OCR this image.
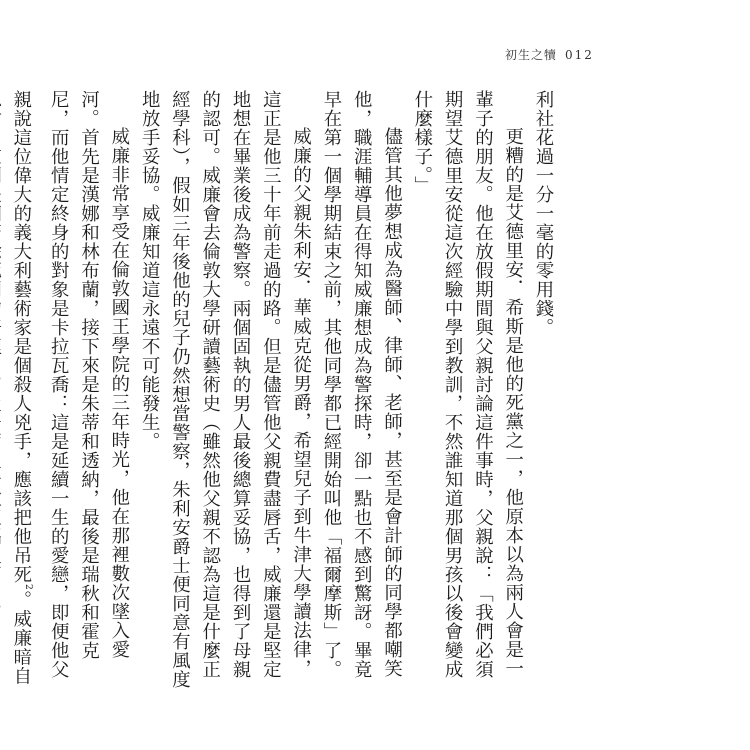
初生之犢 012

利社花過一分一毫的零用錢。

更糟的是艾德里安．希斯是他的死黨之一，他原本以為兩人會是一輩子的朋友。他在放假期間與父親討論這件事時，父親說：「我們必須期望艾德里安從這次經驗中學到教訓，不然誰知道那個男孩以後會變成什麼樣子。」

儘管其他夢想成為醫師、律師、老師，甚至是會計師的同學都嘲笑他，職涯輔導員在得知威廉想成為警探時，卻一點也不感到驚訝。畢竟早在第一個學期結束之前，其他同學都已經開始叫他「福爾摩斯」了。

威廉的父親朱利安．華威克從男爵，希望兒子到牛津大學讀法律，這正是他三十年前走過的路。但是儘管他父親費盡唇舌，威廉還是堅定地想在畢業後成為警察。兩個固執的男人最後總算妥協，也得到了母親的認可。威廉會去倫敦大學研讀藝術史（雖然他父親不認為這是什麼正經學科），假如三年後他的兒子仍然想當警察，朱利安爵士便同意有風度地放手妥協。威廉知道這永遠不可能發生。

威廉非常享受在倫敦國王學院的三年時光，他在那裡數次墜入愛河。首先是漢娜和林布蘭，接下來是朱蒂和透納，最後是瑞秋和霍克尼，而他情定終身的對象是卡拉瓦喬：這是延續一生的愛戀，即便他父親說這位偉大的義大利藝術家是個殺人兇手，應該把他吊死$^2$。威廉暗自
